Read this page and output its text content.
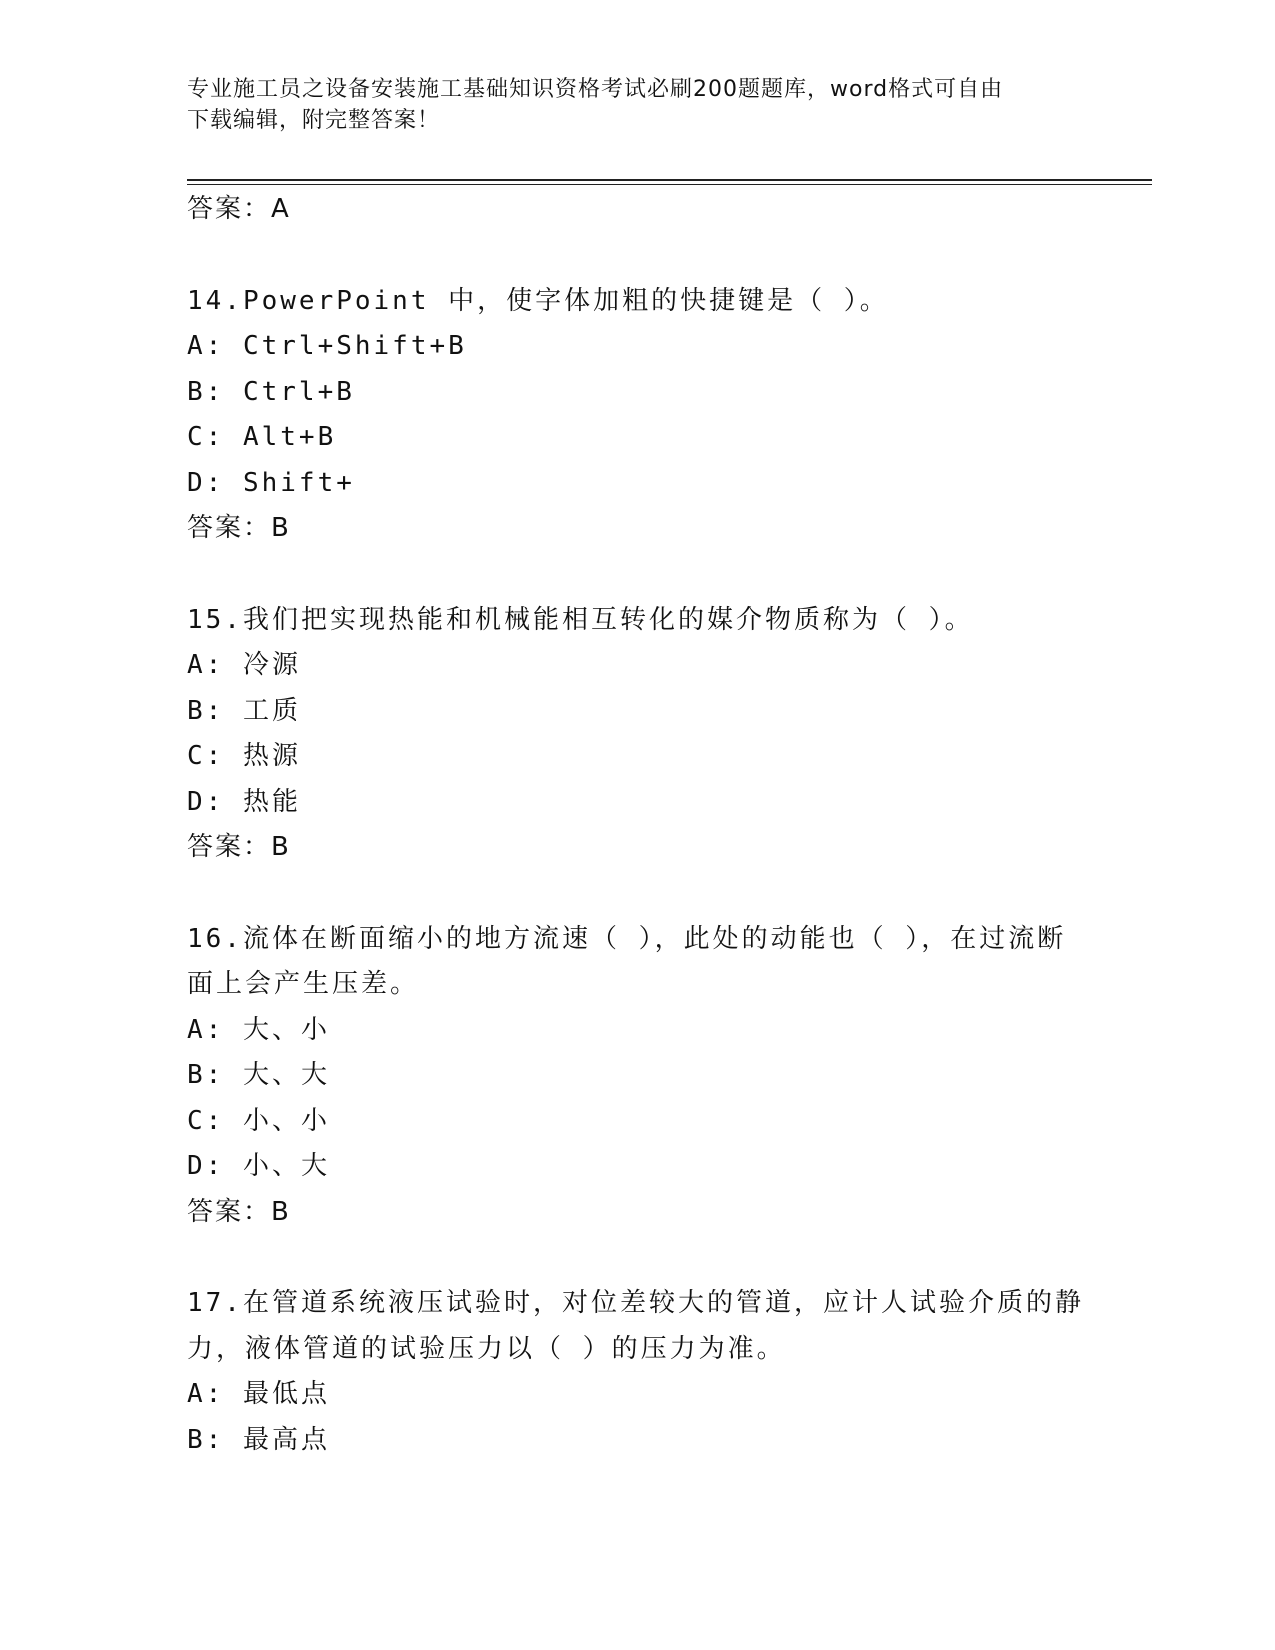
专业施工员之设备安装施工基础知识资格考试必刷200题题库，word格式可自由
下载编辑，附完整答案！
答案：A
14.PowerPoint 中，使字体加粗的快捷键是（ ）。
A: Ctrl+Shift+B
B: Ctrl+B
C: Alt+B
D: Shift+
答案：B
15.我们把实现热能和机械能相互转化的媒介物质称为（ ）。
A: 冷源
B: 工质
C: 热源
D: 热能
答案：B
16.流体在断面缩小的地方流速（ ），此处的动能也（ ），在过流断
面上会产生压差。
A: 大、小
B: 大、大
C: 小、小
D: 小、大
答案：B
17.在管道系统液压试验时，对位差较大的管道，应计人试验介质的静
力，液体管道的试验压力以（ ）的压力为准。
A: 最低点
B: 最高点
